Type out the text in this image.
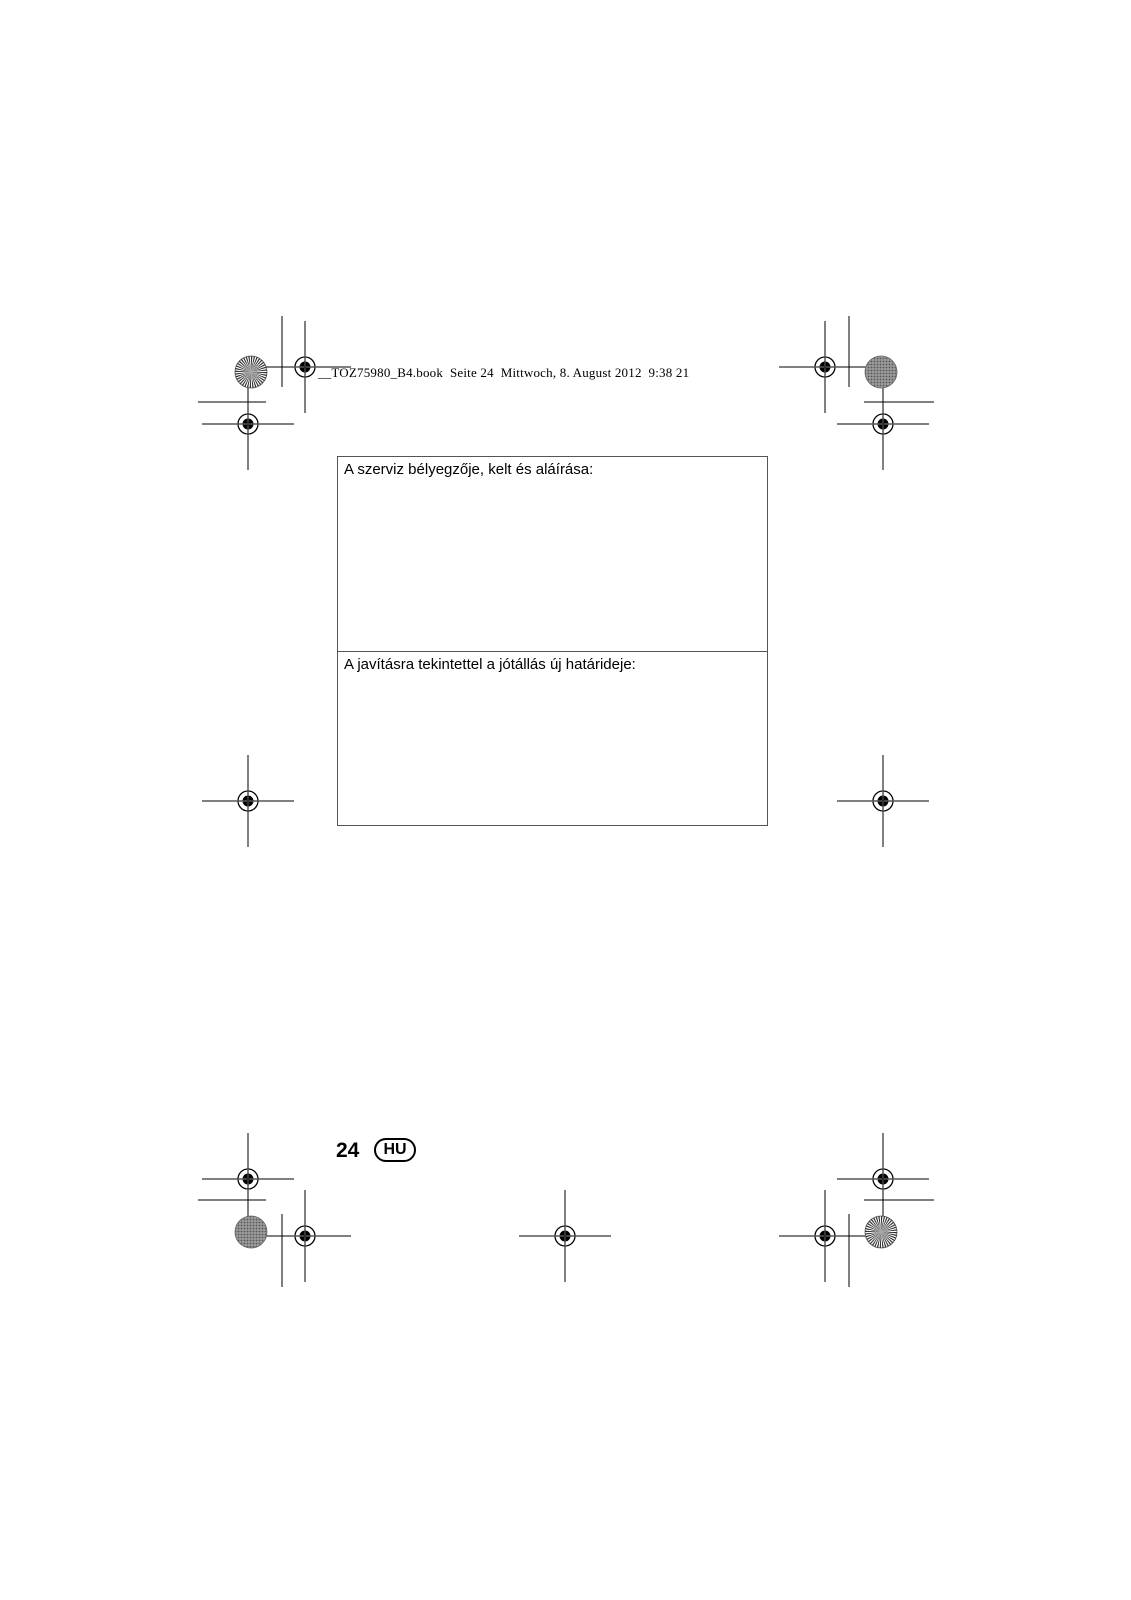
__TOZ75980_B4.book  Seite 24  Mittwoch, 8. August 2012  9:38 21
A szerviz bélyegzője, kelt és aláírása:
A javításra tekintettel a jótállás új határideje:
24	HU
